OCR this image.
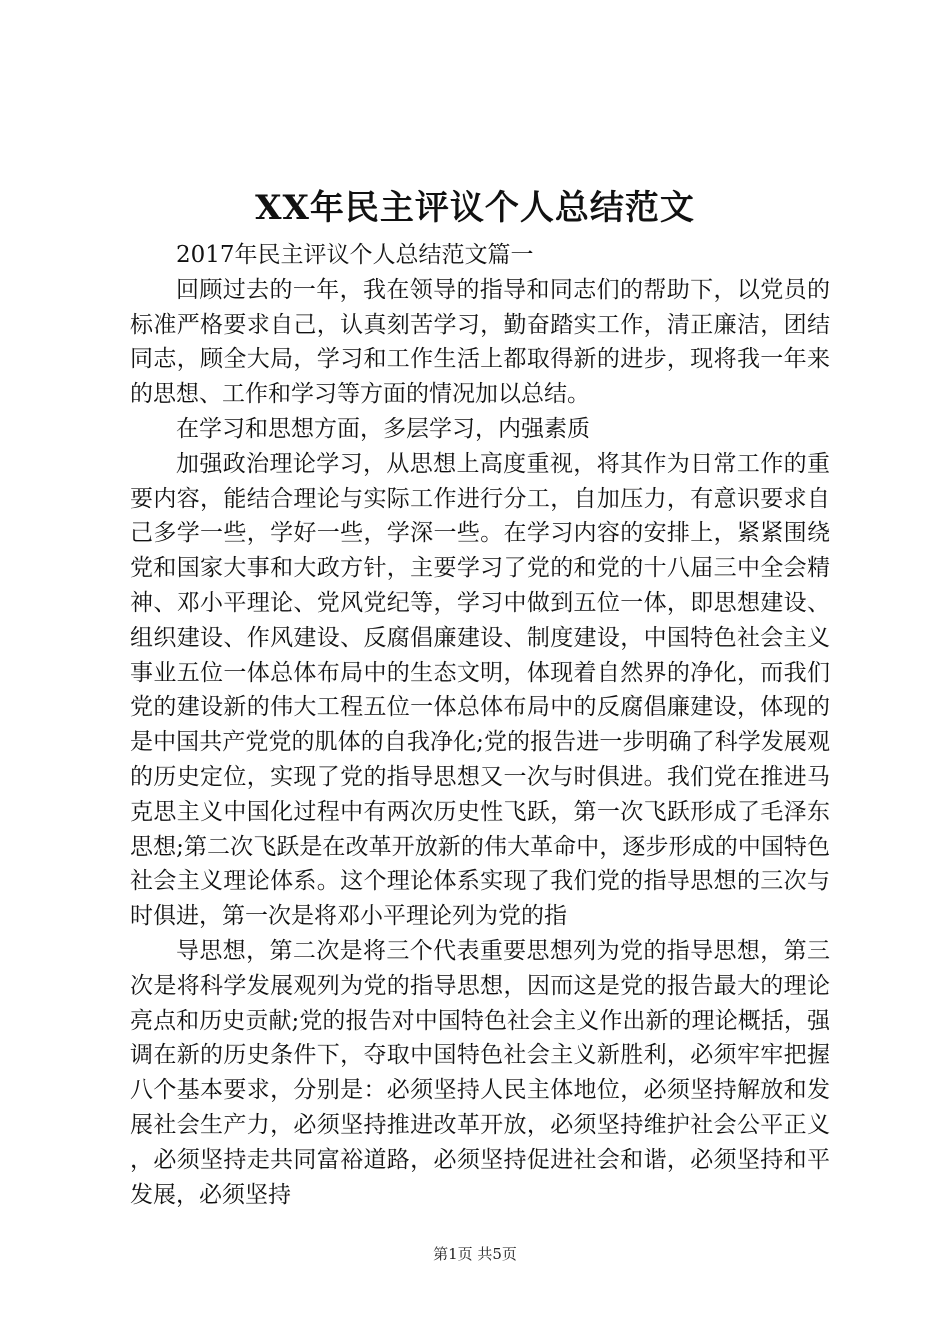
XX年民主评议个人总结范文

2017年民主评议个人总结范文篇一

回顾过去的一年，我在领导的指导和同志们的帮助下，以党员的标准严格要求自己，认真刻苦学习，勤奋踏实工作，清正廉洁，团结同志，顾全大局，学习和工作生活上都取得新的进步，现将我一年来的思想、工作和学习等方面的情况加以总结。

在学习和思想方面，多层学习，内强素质

加强政治理论学习，从思想上高度重视，将其作为日常工作的重要内容，能结合理论与实际工作进行分工，自加压力，有意识要求自己多学一些，学好一些，学深一些。在学习内容的安排上，紧紧围绕党和国家大事和大政方针，主要学习了党的和党的十八届三中全会精神、邓小平理论、党风党纪等，学习中做到五位一体，即思想建设、组织建设、作风建设、反腐倡廉建设、制度建设，中国特色社会主义事业五位一体总体布局中的生态文明，体现着自然界的净化，而我们党的建设新的伟大工程五位一体总体布局中的反腐倡廉建设，体现的是中国共产党党的肌体的自我净化;党的报告进一步明确了科学发展观的历史定位，实现了党的指导思想又一次与时俱进。我们党在推进马克思主义中国化过程中有两次历史性飞跃，第一次飞跃形成了毛泽东思想;第二次飞跃是在改革开放新的伟大革命中，逐步形成的中国特色社会主义理论体系。这个理论体系实现了我们党的指导思想的三次与时俱进，第一次是将邓小平理论列为党的指

导思想，第二次是将三个代表重要思想列为党的指导思想，第三次是将科学发展观列为党的指导思想，因而这是党的报告最大的理论亮点和历史贡献;党的报告对中国特色社会主义作出新的理论概括，强调在新的历史条件下，夺取中国特色社会主义新胜利，必须牢牢把握八个基本要求，分别是：必须坚持人民主体地位，必须坚持解放和发展社会生产力，必须坚持推进改革开放，必须坚持维护社会公平正义，必须坚持走共同富裕道路，必须坚持促进社会和谐，必须坚持和平发展，必须坚持

第1页 共5页
